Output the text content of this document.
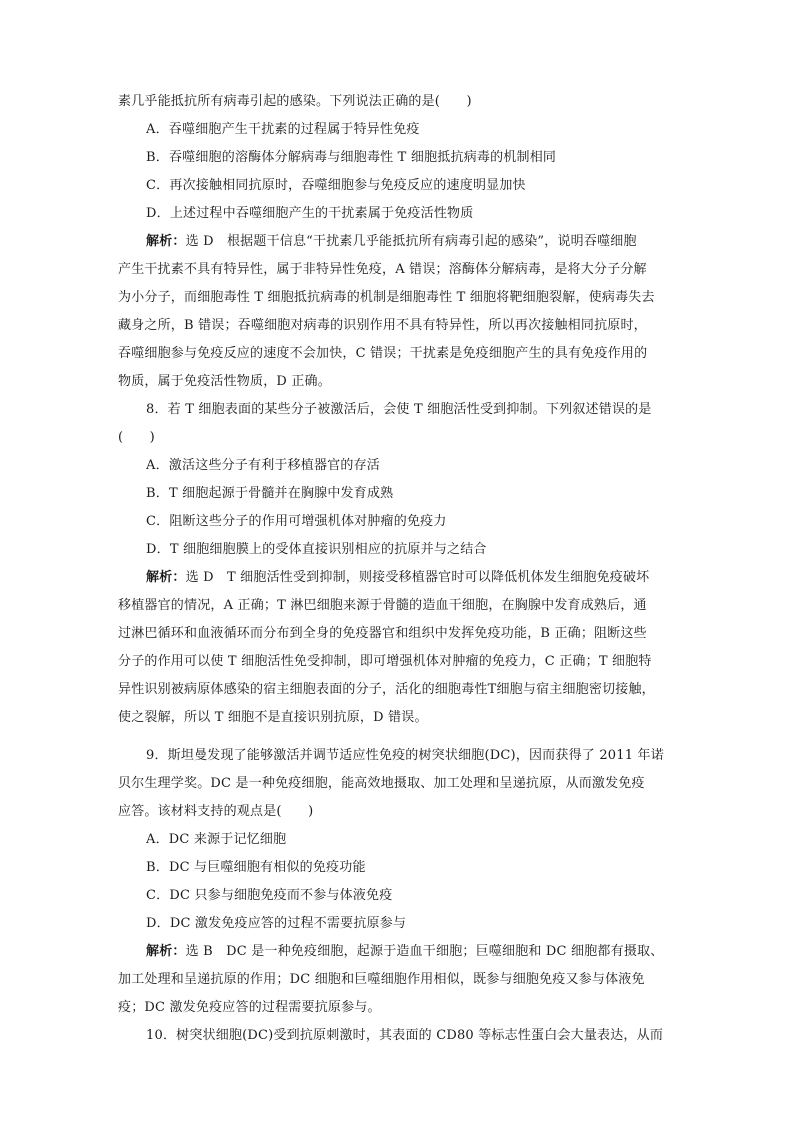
素几乎能抵抗所有病毒引起的感染。下列说法正确的是(　　)
A．吞噬细胞产生干扰素的过程属于特异性免疫
B．吞噬细胞的溶酶体分解病毒与细胞毒性 T 细胞抵抗病毒的机制相同
C．再次接触相同抗原时，吞噬细胞参与免疫反应的速度明显加快
D．上述过程中吞噬细胞产生的干扰素属于免疫活性物质
解析：选 D　根据题干信息“干扰素几乎能抵抗所有病毒引起的感染”，说明吞噬细胞
产生干扰素不具有特异性，属于非特异性免疫，A 错误；溶酶体分解病毒，是将大分子分解
为小分子，而细胞毒性 T 细胞抵抗病毒的机制是细胞毒性 T 细胞将靶细胞裂解，使病毒失去
藏身之所，B 错误；吞噬细胞对病毒的识别作用不具有特异性，所以再次接触相同抗原时，
吞噬细胞参与免疫反应的速度不会加快，C 错误；干扰素是免疫细胞产生的具有免疫作用的
物质，属于免疫活性物质，D 正确。
8．若 T 细胞表面的某些分子被激活后，会使 T 细胞活性受到抑制。下列叙述错误的是
(　　)
A．激活这些分子有利于移植器官的存活
B．T 细胞起源于骨髓并在胸腺中发育成熟
C．阻断这些分子的作用可增强机体对肿瘤的免疫力
D．T 细胞细胞膜上的受体直接识别相应的抗原并与之结合
解析：选 D　T 细胞活性受到抑制，则接受移植器官时可以降低机体发生细胞免疫破坏
移植器官的情况，A 正确；T 淋巴细胞来源于骨髓的造血干细胞，在胸腺中发育成熟后，通
过淋巴循环和血液循环而分布到全身的免疫器官和组织中发挥免疫功能，B 正确；阻断这些
分子的作用可以使 T 细胞活性免受抑制，即可增强机体对肿瘤的免疫力，C 正确；T 细胞特
异性识别被病原体感染的宿主细胞表面的分子，活化的细胞毒性T细胞与宿主细胞密切接触，
使之裂解，所以 T 细胞不是直接识别抗原，D 错误。
9．斯坦曼发现了能够激活并调节适应性免疫的树突状细胞(DC)，因而获得了 2011 年诺
贝尔生理学奖。DC 是一种免疫细胞，能高效地摄取、加工处理和呈递抗原，从而激发免疫
应答。该材料支持的观点是(　　)
A．DC 来源于记忆细胞
B．DC 与巨噬细胞有相似的免疫功能
C．DC 只参与细胞免疫而不参与体液免疫
D．DC 激发免疫应答的过程不需要抗原参与
解析：选 B　DC 是一种免疫细胞，起源于造血干细胞；巨噬细胞和 DC 细胞都有摄取、
加工处理和呈递抗原的作用；DC 细胞和巨噬细胞作用相似，既参与细胞免疫又参与体液免
疫；DC 激发免疫应答的过程需要抗原参与。
10．树突状细胞(DC)受到抗原刺激时，其表面的 CD80 等标志性蛋白会大量表达，从而
